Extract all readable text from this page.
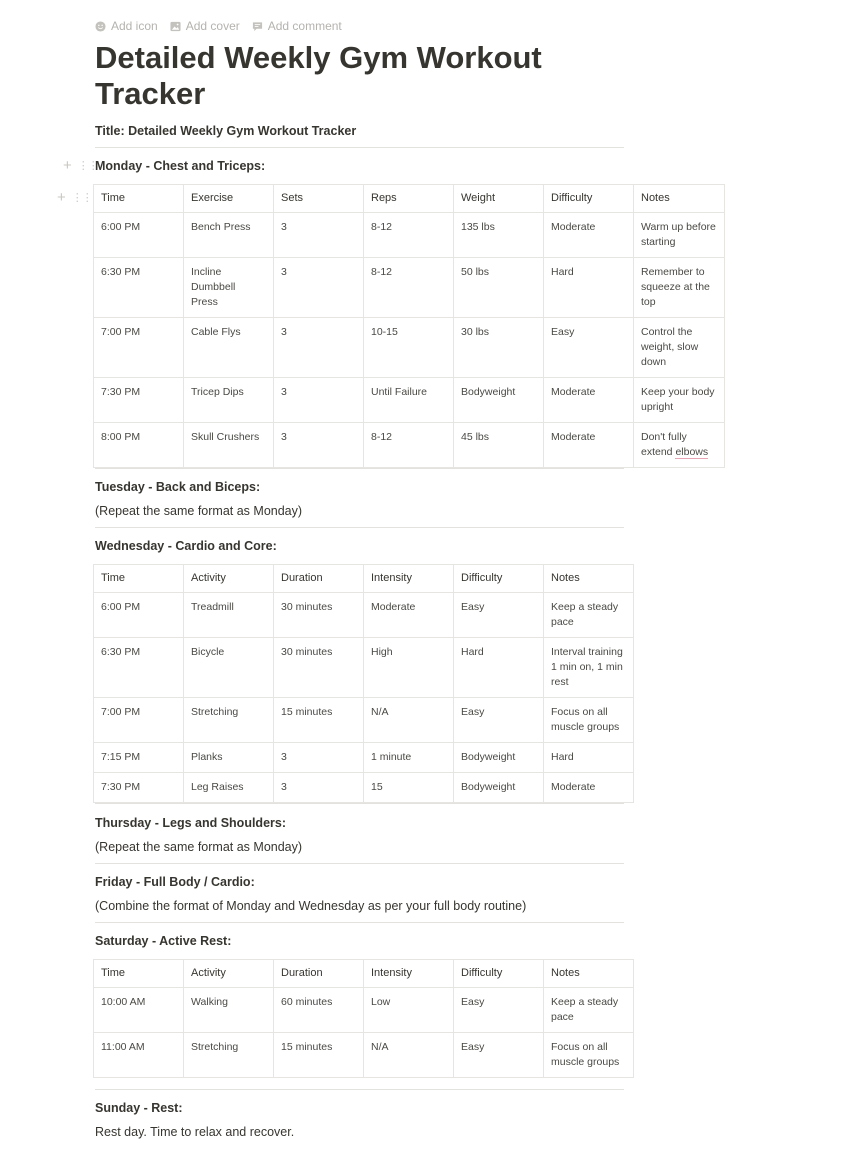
+ ⋮⋮
+ ⋮⋮
Add icon Add cover Add comment
Detailed Weekly Gym Workout Tracker
Title: Detailed Weekly Gym Workout Tracker
Monday - Chest and Triceps:
Time	Exercise	Sets	Reps	Weight	Difficulty	Notes
6:00 PM	Bench Press	3	8-12	135 lbs	Moderate	Warm up before starting
6:30 PM	Incline Dumbbell Press	3	8-12	50 lbs	Hard	Remember to squeeze at the top
7:00 PM	Cable Flys	3	10-15	30 lbs	Easy	Control the weight, slow down
7:30 PM	Tricep Dips	3	Until Failure	Bodyweight	Moderate	Keep your body upright
8:00 PM	Skull Crushers	3	8-12	45 lbs	Moderate	Don't fully extend elbows
Tuesday - Back and Biceps:
(Repeat the same format as Monday)
Wednesday - Cardio and Core:
Time	Activity	Duration	Intensity	Difficulty	Notes
6:00 PM	Treadmill	30 minutes	Moderate	Easy	Keep a steady pace
6:30 PM	Bicycle	30 minutes	High	Hard	Interval training 1 min on, 1 min rest
7:00 PM	Stretching	15 minutes	N/A	Easy	Focus on all muscle groups
7:15 PM	Planks	3	1 minute	Bodyweight	Hard
7:30 PM	Leg Raises	3	15	Bodyweight	Moderate
Thursday - Legs and Shoulders:
(Repeat the same format as Monday)
Friday - Full Body / Cardio:
(Combine the format of Monday and Wednesday as per your full body routine)
Saturday - Active Rest:
Time	Activity	Duration	Intensity	Difficulty	Notes
10:00 AM	Walking	60 minutes	Low	Easy	Keep a steady pace
11:00 AM	Stretching	15 minutes	N/A	Easy	Focus on all muscle groups
Sunday - Rest:
Rest day. Time to relax and recover.
